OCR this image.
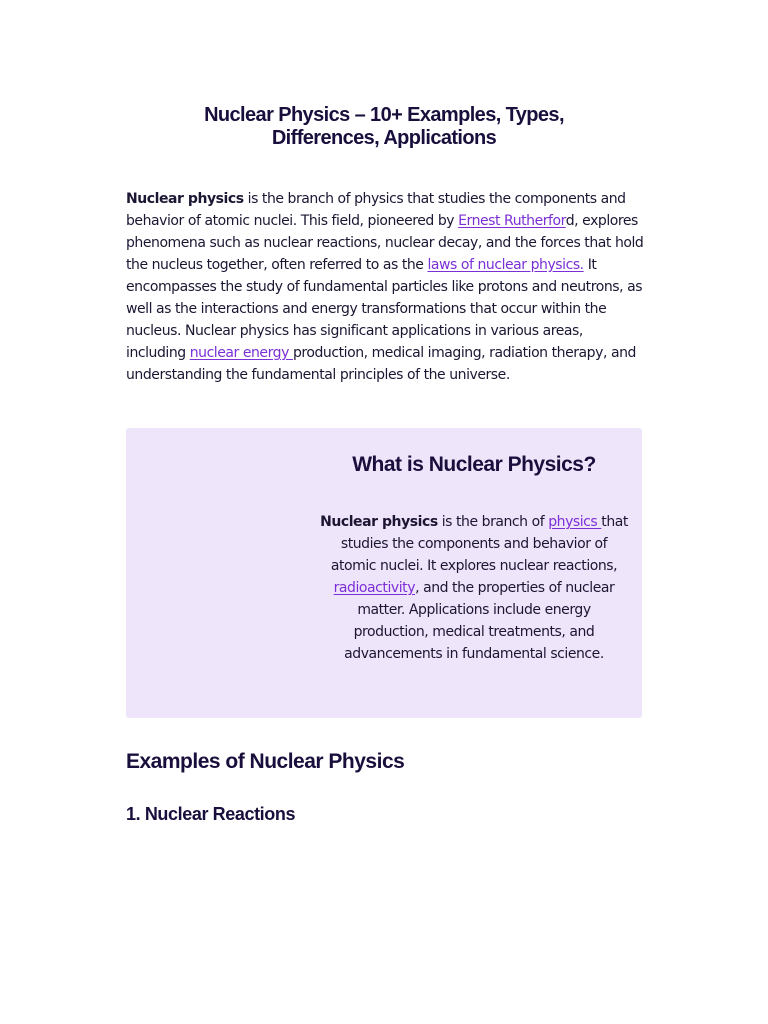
Nuclear Physics – 10+ Examples, Types,
Differences, Applications

Nuclear physics is the branch of physics that studies the components and behavior of atomic nuclei. This field, pioneered by Ernest Rutherford, explores phenomena such as nuclear reactions, nuclear decay, and the forces that hold the nucleus together, often referred to as the laws of nuclear physics. It encompasses the study of fundamental particles like protons and neutrons, as well as the interactions and energy transformations that occur within the nucleus. Nuclear physics has significant applications in various areas, including nuclear energy production, medical imaging, radiation therapy, and understanding the fundamental principles of the universe.

What is Nuclear Physics?

Nuclear physics is the branch of physics that studies the components and behavior of atomic nuclei. It explores nuclear reactions, radioactivity, and the properties of nuclear matter. Applications include energy production, medical treatments, and advancements in fundamental science.

Examples of Nuclear Physics
1. Nuclear Reactions
